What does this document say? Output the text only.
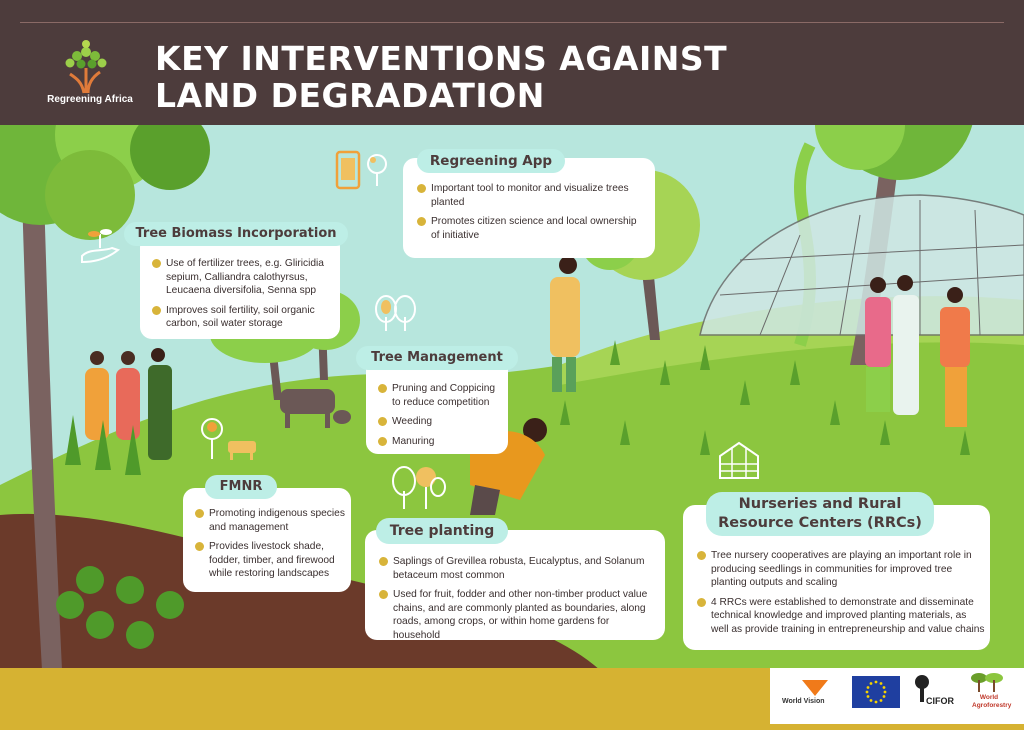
Regreening Africa
KEY INTERVENTIONS AGAINST
LAND DEGRADATION
Important tool to monitor and visualize trees planted
Promotes citizen science and local ownership of initiative
Regreening App
Use of fertilizer trees, e.g. Gliricidia sepium, Calliandra calothyrsus, Leucaena diversifolia, Senna spp
Improves soil fertility, soil organic carbon, soil water storage
Tree Biomass Incorporation
Pruning and Coppicing to reduce competition
Weeding
Manuring
Tree Management
Promoting indigenous species and management
Provides livestock shade, fodder, timber, and firewood while restoring landscapes
FMNR
Saplings of Grevillea robusta, Eucalyptus, and Solanum betaceum most common
Used for fruit, fodder and other non-timber product value chains, and are commonly planted as boundaries, along roads, among crops, or within home gardens for household
Tree planting
Tree nursery cooperatives are playing an important role in producing seedlings in communities for improved tree planting outputs and scaling
4 RRCs were established to demonstrate and disseminate technical knowledge and improved planting materials, as well as provide training in entrepreneurship and value chains
Nurseries and Rural
Resource Centers (RRCs)
World Vision	CIFOR	World
Agroforestry
